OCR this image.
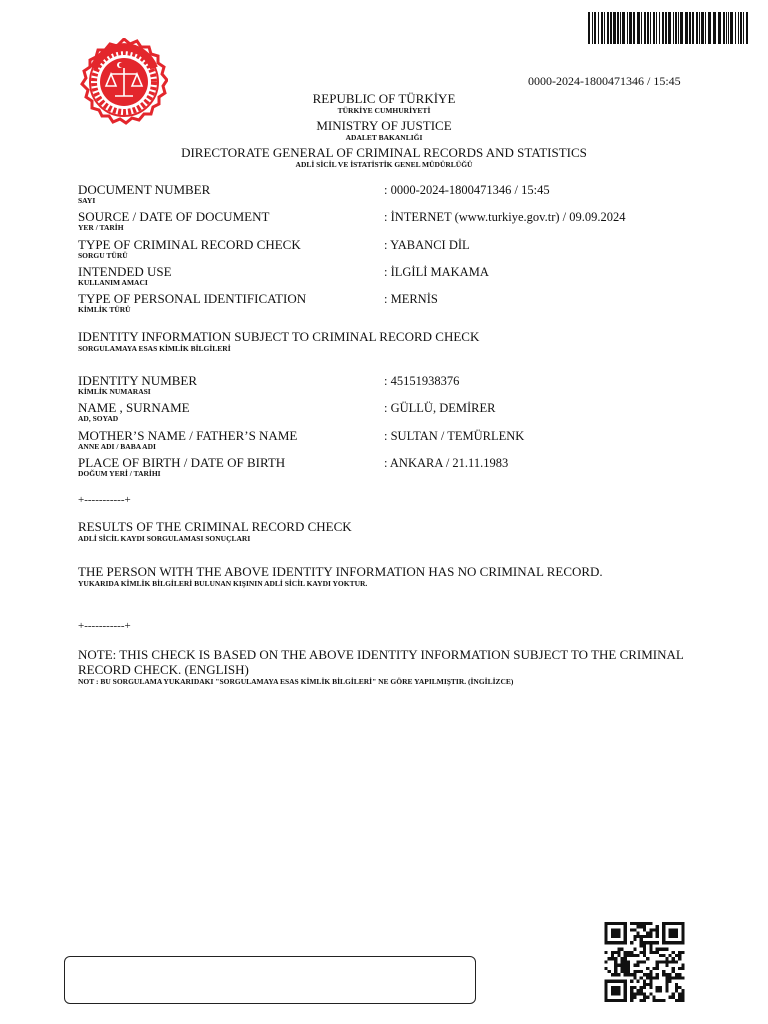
0000-2024-1800471346 / 15:45
REPUBLIC OF TÜRKİYE
TÜRKİYE CUMHURİYETİ
MINISTRY OF JUSTICE
ADALET BAKANLIĞI
DIRECTORATE GENERAL OF CRIMINAL RECORDS AND STATISTICS
ADLİ SİCİL VE İSTATİSTİK GENEL MÜDÜRLÜĞÜ
DOCUMENT NUMBER
SAYI
: 0000-2024-1800471346 / 15:45
SOURCE / DATE OF DOCUMENT
YER / TARİH
: İNTERNET (www.turkiye.gov.tr) / 09.09.2024
TYPE OF CRIMINAL RECORD CHECK
SORGU TÜRÜ
: YABANCI DİL
INTENDED USE
KULLANIM AMACI
: İLGİLİ MAKAMA
TYPE OF PERSONAL IDENTIFICATION
KİMLİK TÜRÜ
: MERNİS
IDENTITY INFORMATION SUBJECT TO CRIMINAL RECORD CHECK
SORGULAMAYA ESAS KİMLİK BİLGİLERİ
IDENTITY NUMBER
KİMLİK NUMARASI
: 45151938376
NAME , SURNAME
AD, SOYAD
: GÜLLÜ, DEMİRER
MOTHER’S NAME / FATHER’S NAME
ANNE ADI / BABA ADI
: SULTAN / TEMÜRLENK
PLACE OF BIRTH / DATE OF BIRTH
DOĞUM YERİ / TARİHI
: ANKARA / 21.11.1983
+-----------+
RESULTS OF THE CRIMINAL RECORD CHECK
ADLİ SİCİL KAYDI SORGULAMASI SONUÇLARI
THE PERSON WITH THE ABOVE IDENTITY INFORMATION HAS NO CRIMINAL RECORD.
YUKARIDA KİMLİK BİLGİLERİ BULUNAN KIŞININ ADLİ SİCİL KAYDI YOKTUR.
+-----------+
NOTE: THIS CHECK IS BASED ON THE ABOVE IDENTITY INFORMATION SUBJECT TO THE CRIMINAL RECORD CHECK. (ENGLISH)
NOT : BU SORGULAMA YUKARIDAKI "SORGULAMAYA ESAS KİMLİK BİLGİLERİ" NE GÖRE YAPILMIŞTIR. (İNGİLİZCE)
